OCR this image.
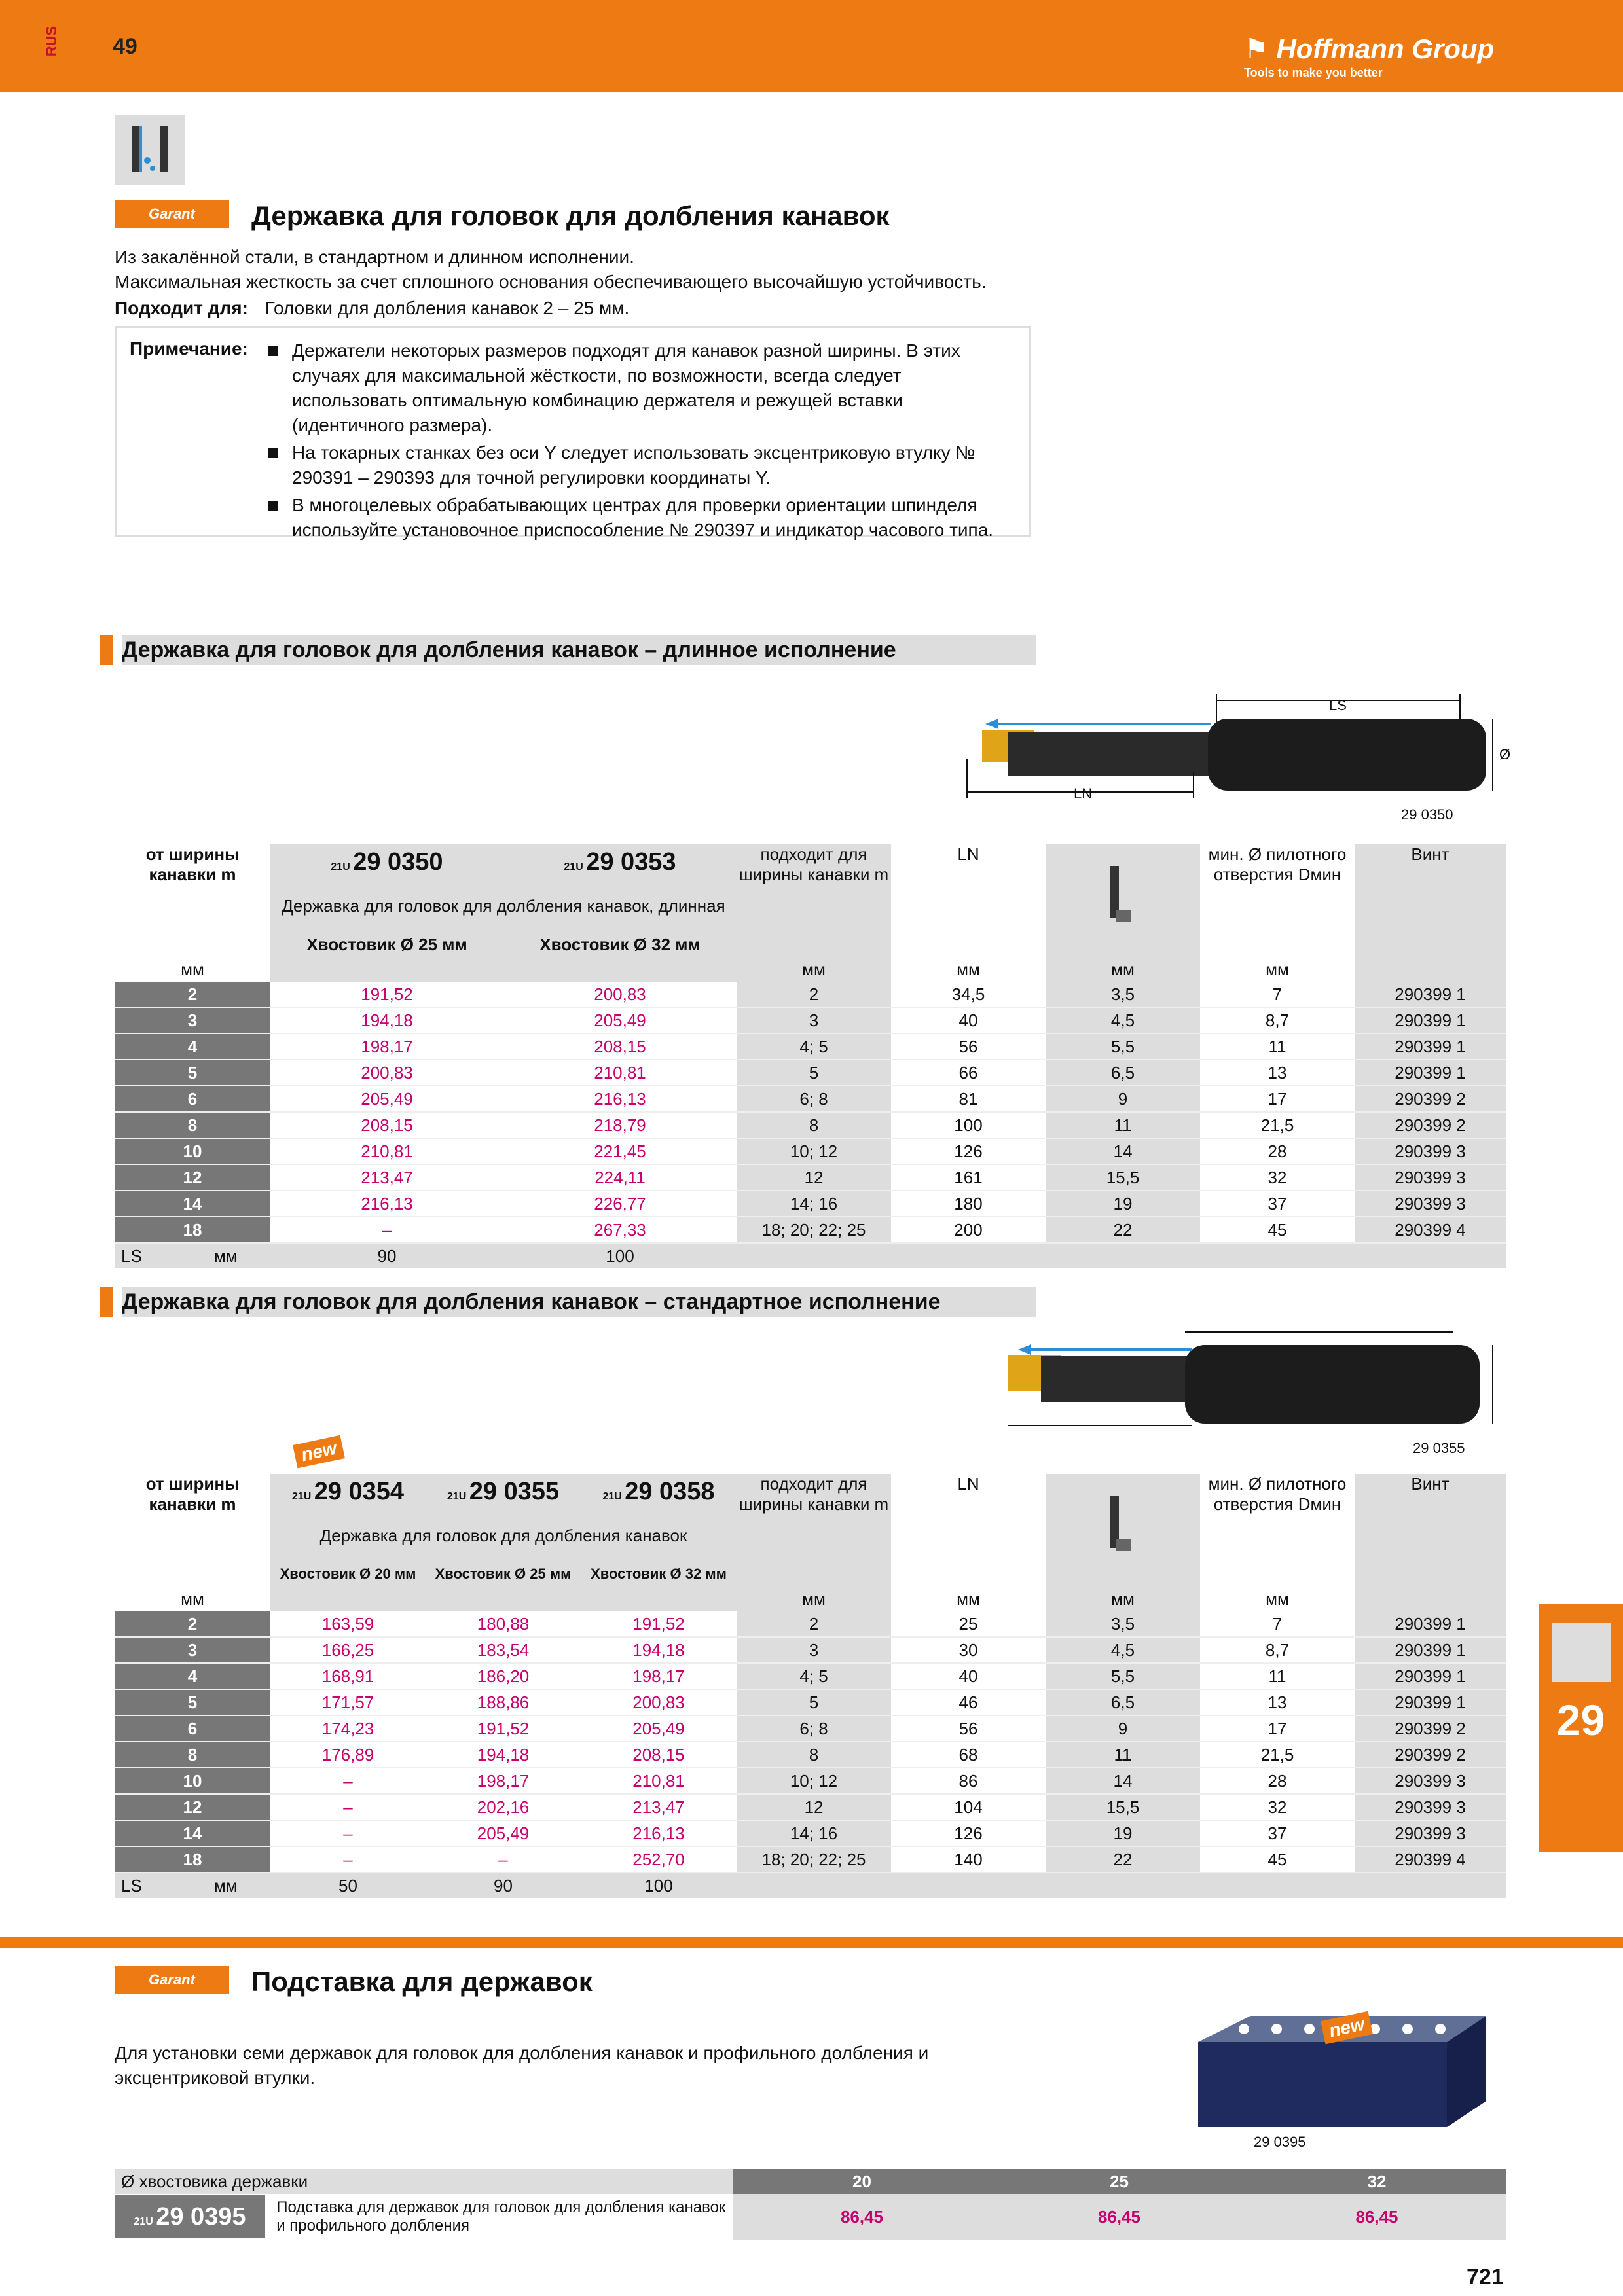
RUS 49	⚑ Hoffmann Group
Tools to make you better
Garant	Державка для головок для долбления канавок
Из закалённой стали, в стандартном и длинном исполнении.
Максимальная жесткость за счет сплошного основания обеспечивающего высочайшую устойчивость.
Подходит для: Головки для долбления канавок 2 – 25 мм.
Примечание:	Держатели некоторых размеров подходят для канавок разной ширины. В этих случаях для максимальной жёсткости, по возможности, всегда следует использовать оптимальную комбинацию держателя и режущей вставки (идентичного размера).
На токарных станках без оси Y следует использовать эксцентриковую втулку № 290391 – 290393 для точной регулировки координаты Y.
В многоцелевых обрабатывающих центрах для проверки ориентации шпинделя используйте установочное приспособление № 290397 и индикатор часового типа.
Державка для головок для долбления канавок – длинное исполнение
LS
LN
Ø
29 0350
от ширины канавки m	21U 29 0350	21U 29 0353	подходит для ширины канавки m	LN		мин. Ø пилотного отверстия Dмин	Винт
	Державка для головок для долбления канавок, длинная						
	Хвостовик Ø 25 мм	Хвостовик Ø 32 мм					
мм			мм	мм	мм	мм	
2	191,52	200,83	2	34,5	3,5	7	290399 1
3	194,18	205,49	3	40	4,5	8,7	290399 1
4	198,17	208,15	4; 5	56	5,5	11	290399 1
5	200,83	210,81	5	66	6,5	13	290399 1
6	205,49	216,13	6; 8	81	9	17	290399 2
8	208,15	218,79	8	100	11	21,5	290399 2
10	210,81	221,45	10; 12	126	14	28	290399 3
12	213,47	224,11	12	161	15,5	32	290399 3
14	216,13	226,77	14; 16	180	19	37	290399 3
18	–	267,33	18; 20; 22; 25	200	22	45	290399 4
LS мм	90	100					
Державка для головок для долбления канавок – стандартное исполнение
29 0355
new
от ширины канавки m	21U 29 0354	21U 29 0355	21U 29 0358	подходит для ширины канавки m	LN		мин. Ø пилотного отверстия Dмин	Винт
	Державка для головок для долбления канавок							
	Хвостовик Ø 20 мм	Хвостовик Ø 25 мм	Хвостовик Ø 32 мм					
мм				мм	мм	мм	мм	
2	163,59	180,88	191,52	2	25	3,5	7	290399 1
3	166,25	183,54	194,18	3	30	4,5	8,7	290399 1
4	168,91	186,20	198,17	4; 5	40	5,5	11	290399 1
5	171,57	188,86	200,83	5	46	6,5	13	290399 1
6	174,23	191,52	205,49	6; 8	56	9	17	290399 2
8	176,89	194,18	208,15	8	68	11	21,5	290399 2
10	–	198,17	210,81	10; 12	86	14	28	290399 3
12	–	202,16	213,47	12	104	15,5	32	290399 3
14	–	205,49	216,13	14; 16	126	19	37	290399 3
18	–	–	252,70	18; 20; 22; 25	140	22	45	290399 4
LS мм	50	90	100					
29
Garant	Подставка для державок
Для установки семи державок для головок для долбления канавок и профильного долбления и эксцентриковой втулки.
new
29 0395
Ø хвостовика державки	20	25	32
21U 29 0395 Подставка для державок для головок для долбления канавок и профильного долбления	86,45	86,45	86,45
721
